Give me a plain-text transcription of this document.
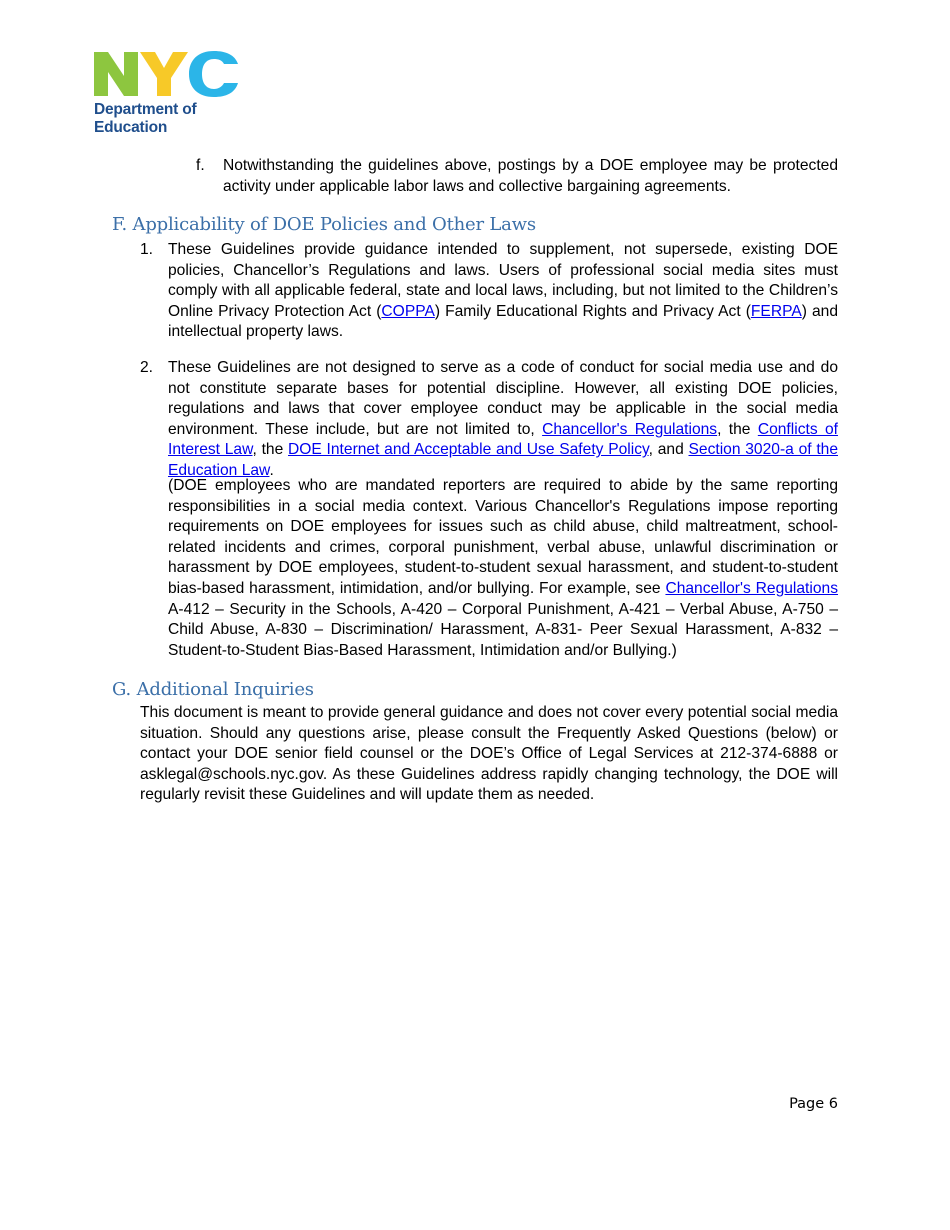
Department of
Education
f. Notwithstanding the guidelines above, postings by a DOE employee may be protected activity under applicable labor laws and collective bargaining agreements.
F. Applicability of DOE Policies and Other Laws
1. These Guidelines provide guidance intended to supplement, not supersede, existing DOE policies, Chancellor’s Regulations and laws. Users of professional social media sites must comply with all applicable federal, state and local laws, including, but not limited to the Children’s Online Privacy Protection Act (COPPA) Family Educational Rights and Privacy Act (FERPA) and intellectual property laws.
2. These Guidelines are not designed to serve as a code of conduct for social media use and do not constitute separate bases for potential discipline. However, all existing DOE policies, regulations and laws that cover employee conduct may be applicable in the social media environment. These include, but are not limited to, Chancellor's Regulations, the Conflicts of Interest Law, the DOE Internet and Acceptable and Use Safety Policy, and Section 3020-a of the Education Law.
(DOE employees who are mandated reporters are required to abide by the same reporting responsibilities in a social media context. Various Chancellor's Regulations impose reporting requirements on DOE employees for issues such as child abuse, child maltreatment, school-related incidents and crimes, corporal punishment, verbal abuse, unlawful discrimination or harassment by DOE employees, student-to-student sexual harassment, and student-to-student bias-based harassment, intimidation, and/or bullying. For example, see Chancellor's Regulations A-412 – Security in the Schools, A-420 – Corporal Punishment, A-421 – Verbal Abuse, A-750 – Child Abuse, A-830 – Discrimination/ Harassment, A-831- Peer Sexual Harassment, A-832 – Student-to-Student Bias-Based Harassment, Intimidation and/or Bullying.)
G. Additional Inquiries
This document is meant to provide general guidance and does not cover every potential social media situation. Should any questions arise, please consult the Frequently Asked Questions (below) or contact your DOE senior field counsel or the DOE’s Office of Legal Services at 212-374-6888 or asklegal@schools.nyc.gov. As these Guidelines address rapidly changing technology, the DOE will regularly revisit these Guidelines and will update them as needed.
Page 6
